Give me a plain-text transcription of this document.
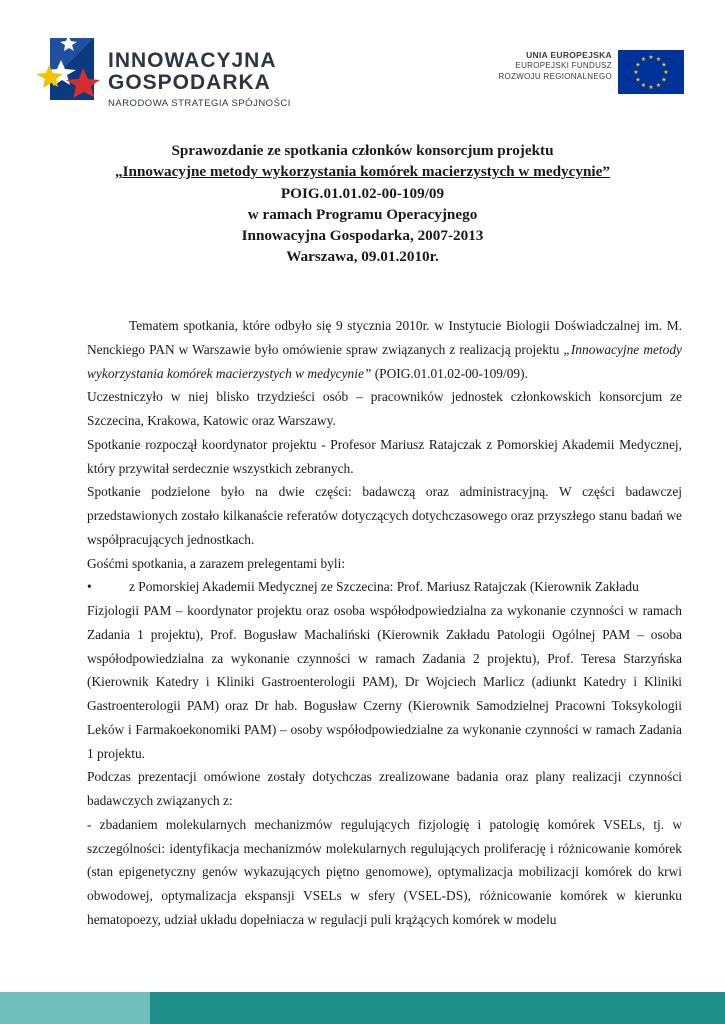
INNOWACYJNA
GOSPODARKA
NARODOWA STRATEGIA SPÓJNOŚCI
UNIA EUROPEJSKA
EUROPEJSKI FUNDUSZ
ROZWOJU REGIONALNEGO
★ ★
★
★
★
★
★
★
★
★
★
★
Sprawozdanie ze spotkania członków konsorcjum projektu
„Innowacyjne metody wykorzystania komórek macierzystych w medycynie”
POIG.01.01.02-00-109/09
w ramach Programu Operacyjnego
Innowacyjna Gospodarka, 2007-2013
Warszawa, 09.01.2010r.

Tematem spotkania, które odbyło się 9 stycznia 2010r. w Instytucie Biologii Doświadczalnej im. M. Nenckiego PAN w Warszawie było omówienie spraw związanych z realizacją projektu „Innowacyjne metody wykorzystania komórek macierzystych w medycynie” (POIG.01.01.02-00-109/09).

Uczestniczyło w niej blisko trzydzieści osób – pracowników jednostek członkowskich konsorcjum ze Szczecina, Krakowa, Katowic oraz Warszawy.

Spotkanie rozpoczął koordynator projektu - Profesor Mariusz Ratajczak z Pomorskiej Akademii Medycznej, który przywitał serdecznie wszystkich zebranych.

Spotkanie podzielone było na dwie części: badawczą oraz administracyjną. W części badawczej przedstawionych zostało kilkanaście referatów dotyczących dotychczasowego oraz przyszłego stanu badań we współpracujących jednostkach.

Gośćmi spotkania, a zarazem prelegentami byli:

•	z Pomorskiej Akademii Medycznej ze Szczecina: Prof. Mariusz Ratajczak (Kierownik Zakładu

Fizjologii PAM – koordynator projektu oraz osoba współodpowiedzialna za wykonanie czynności w ramach Zadania 1 projektu), Prof. Bogusław Machaliński (Kierownik Zakładu Patologii Ogólnej PAM – osoba współodpowiedzialna za wykonanie czynności w ramach Zadania 2 projektu), Prof. Teresa Starzyńska (Kierownik Katedry i Kliniki Gastroenterologii PAM), Dr Wojciech Marlicz (adiunkt Katedry i Kliniki Gastroenterologii PAM) oraz Dr hab. Bogusław Czerny (Kierownik Samodzielnej Pracowni Toksykologii Leków i Farmakoekonomiki PAM) – osoby współodpowiedzialne za wykonanie czynności w ramach Zadania 1 projektu.

Podczas prezentacji omówione zostały dotychczas zrealizowane badania oraz plany realizacji czynności badawczych związanych z:

- zbadaniem molekularnych mechanizmów regulujących fizjologię i patologię komórek VSELs, tj. w szczególności: identyfikacja mechanizmów molekularnych regulujących proliferację i różnicowanie komórek (stan epigenetyczny genów wykazujących piętno genomowe), optymalizacja mobilizacji komórek do krwi obwodowej, optymalizacja ekspansji VSELs w sfery (VSEL-DS), różnicowanie komórek w kierunku hematopoezy, udział układu dopełniacza w regulacji puli krążących komórek w modelu
